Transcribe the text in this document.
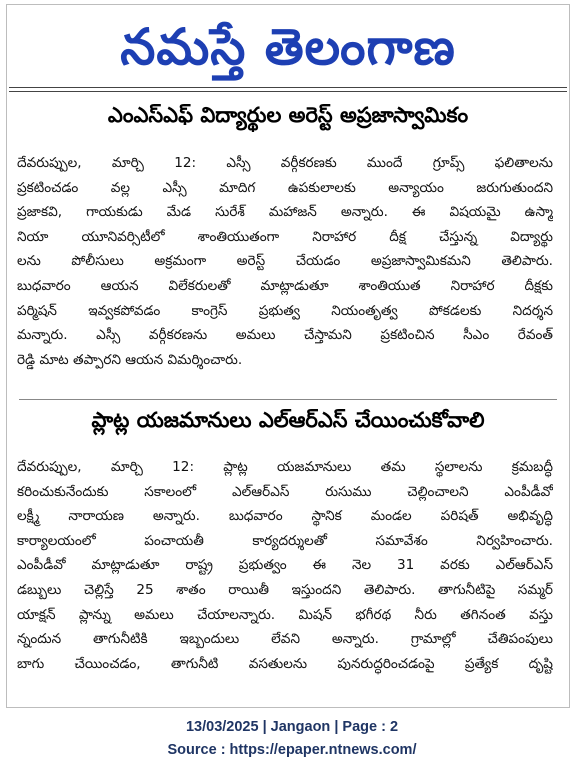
నమస్తే తెలంగాణ
ఎంఎస్ఎఫ్ విద్యార్థుల అరెస్ట్ అప్రజాస్వామికం
దేవరుప్పుల, మార్చి 12: ఎస్సీ వర్గీకరణకు ముందే గ్రూప్స్ ఫలితాలను
ప్రకటించడం వల్ల ఎస్సీ మాదిగ ఉపకులాలకు అన్యాయం జరుగుతుందని
ప్రజాకవి, గాయకుడు మేడ సురేశ్ మహాజన్ అన్నారు. ఈ విషయమై ఉస్మా
నియా యూనివర్సిటీలో శాంతియుతంగా నిరాహార దీక్ష చేస్తున్న విద్యార్థు
లను పోలీసులు అక్రమంగా అరెస్ట్ చేయడం అప్రజాస్వామికమని తెలిపారు.
బుధవారం ఆయన విలేకరులతో మాట్లాడుతూ శాంతియుత నిరాహార దీక్షకు
పర్మిషన్ ఇవ్వకపోవడం కాంగ్రెస్ ప్రభుత్వ నియంతృత్వ పోకడలకు నిదర్శన
మన్నారు. ఎస్సీ వర్గీకరణను అమలు చేస్తామని ప్రకటించిన సీఎం రేవంత్
రెడ్డి మాట తప్పారని ఆయన విమర్శించారు.
ప్లాట్ల యజమానులు ఎల్ఆర్ఎస్ చేయించుకోవాలి
దేవరుప్పుల, మార్చి 12: ప్లాట్ల యజమానులు తమ స్థలాలను క్రమబద్ధీ
కరించుకునేందుకు సకాలంలో ఎల్ఆర్ఎస్ రుసుము చెల్లించాలని ఎంపీడీవో
లక్ష్మీ నారాయణ అన్నారు. బుధవారం స్థానిక మండల పరిషత్ అభివృద్ధి
కార్యాలయంలో పంచాయతీ కార్యదర్శులతో సమావేశం నిర్వహించారు.
ఎంపీడీవో మాట్లాడుతూ రాష్ట్ర ప్రభుత్వం ఈ నెల 31 వరకు ఎల్ఆర్ఎస్
డబ్బులు చెల్లిస్తే 25 శాతం రాయితీ ఇస్తుందని తెలిపారు. తాగునీటిపై సమ్మర్
యాక్షన్ ప్లాన్ను అమలు చేయాలన్నారు. మిషన్ భగీరథ నీరు తగినంత వస్తు
న్నందున తాగునీటికి ఇబ్బందులు లేవని అన్నారు. గ్రామాల్లో చేతిపంపులు
బాగు చేయించడం, తాగునీటి వసతులను పునరుద్ధరించడంపై ప్రత్యేక దృష్టి
13/03/2025 | Jangaon | Page : 2
Source : https://epaper.ntnews.com/
